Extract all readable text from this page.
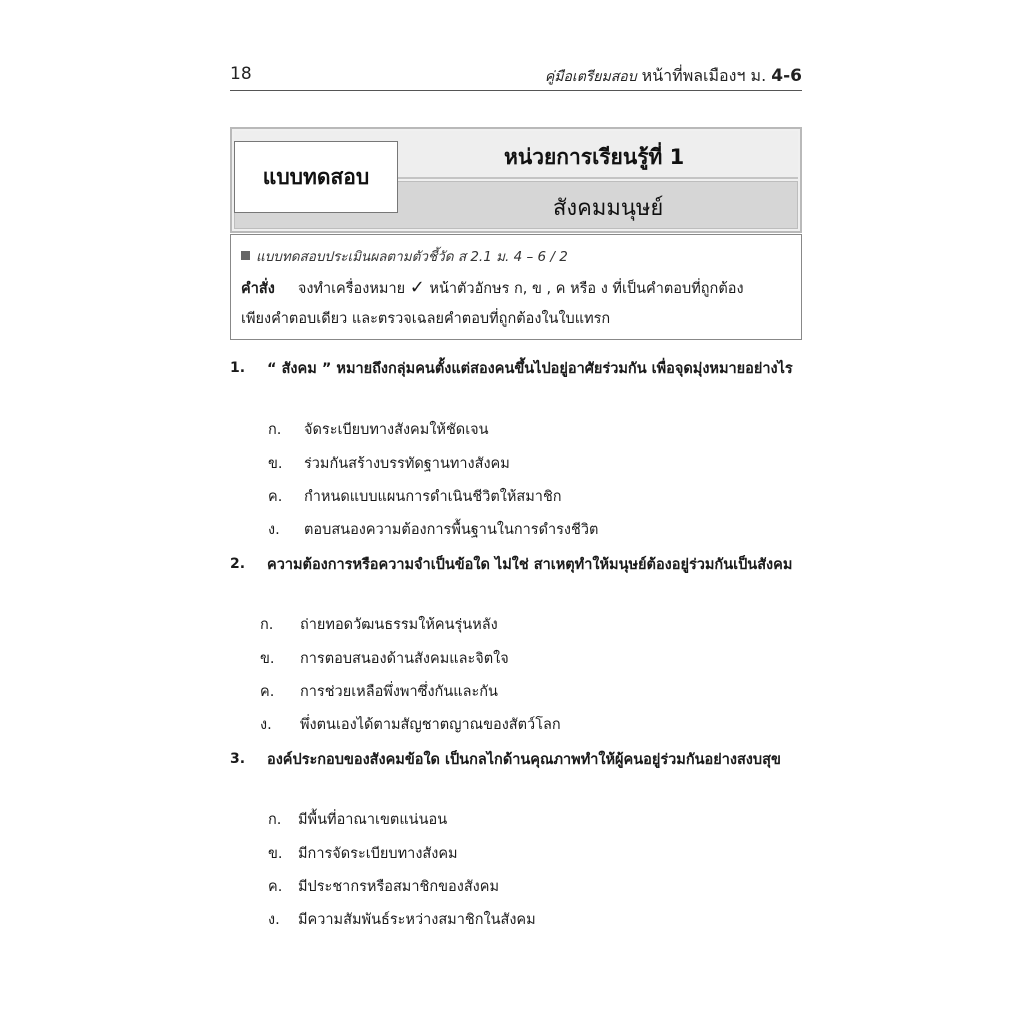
18	คู่มือเตรียมสอบ หน้าที่พลเมืองฯ ม. 4-6
หน่วยการเรียนรู้ที่ 1
สังคมมนุษย์
แบบทดสอบ
แบบทดสอบประเมินผลตามตัวชี้วัด ส 2.1 ม. 4 – 6 / 2
คำสั่ง จงทำเครื่องหมาย ✓ หน้าตัวอักษร ก, ข , ค หรือ ง ที่เป็นคำตอบที่ถูกต้อง
เพียงคำตอบเดียว และตรวจเฉลยคำตอบที่ถูกต้องในใบแทรก
1. “ สังคม ” หมายถึงกลุ่มคนตั้งแต่สองคนขึ้นไปอยู่อาศัยร่วมกัน เพื่อจุดมุ่งหมายอย่างไร
ก. จัดระเบียบทางสังคมให้ชัดเจน
ข. ร่วมกันสร้างบรรทัดฐานทางสังคม
ค. กำหนดแบบแผนการดำเนินชีวิตให้สมาชิก
ง. ตอบสนองความต้องการพื้นฐานในการดำรงชีวิต
2. ความต้องการหรือความจำเป็นข้อใด ไม่ใช่ สาเหตุทำให้มนุษย์ต้องอยู่ร่วมกันเป็นสังคม
ก. ถ่ายทอดวัฒนธรรมให้คนรุ่นหลัง
ข. การตอบสนองด้านสังคมและจิตใจ
ค. การช่วยเหลือพึ่งพาซึ่งกันและกัน
ง. พึ่งตนเองได้ตามสัญชาตญาณของสัตว์โลก
3. องค์ประกอบของสังคมข้อใด เป็นกลไกด้านคุณภาพทำให้ผู้คนอยู่ร่วมกันอย่างสงบสุข
ก. มีพื้นที่อาณาเขตแน่นอน
ข. มีการจัดระเบียบทางสังคม
ค. มีประชากรหรือสมาชิกของสังคม
ง. มีความสัมพันธ์ระหว่างสมาชิกในสังคม
